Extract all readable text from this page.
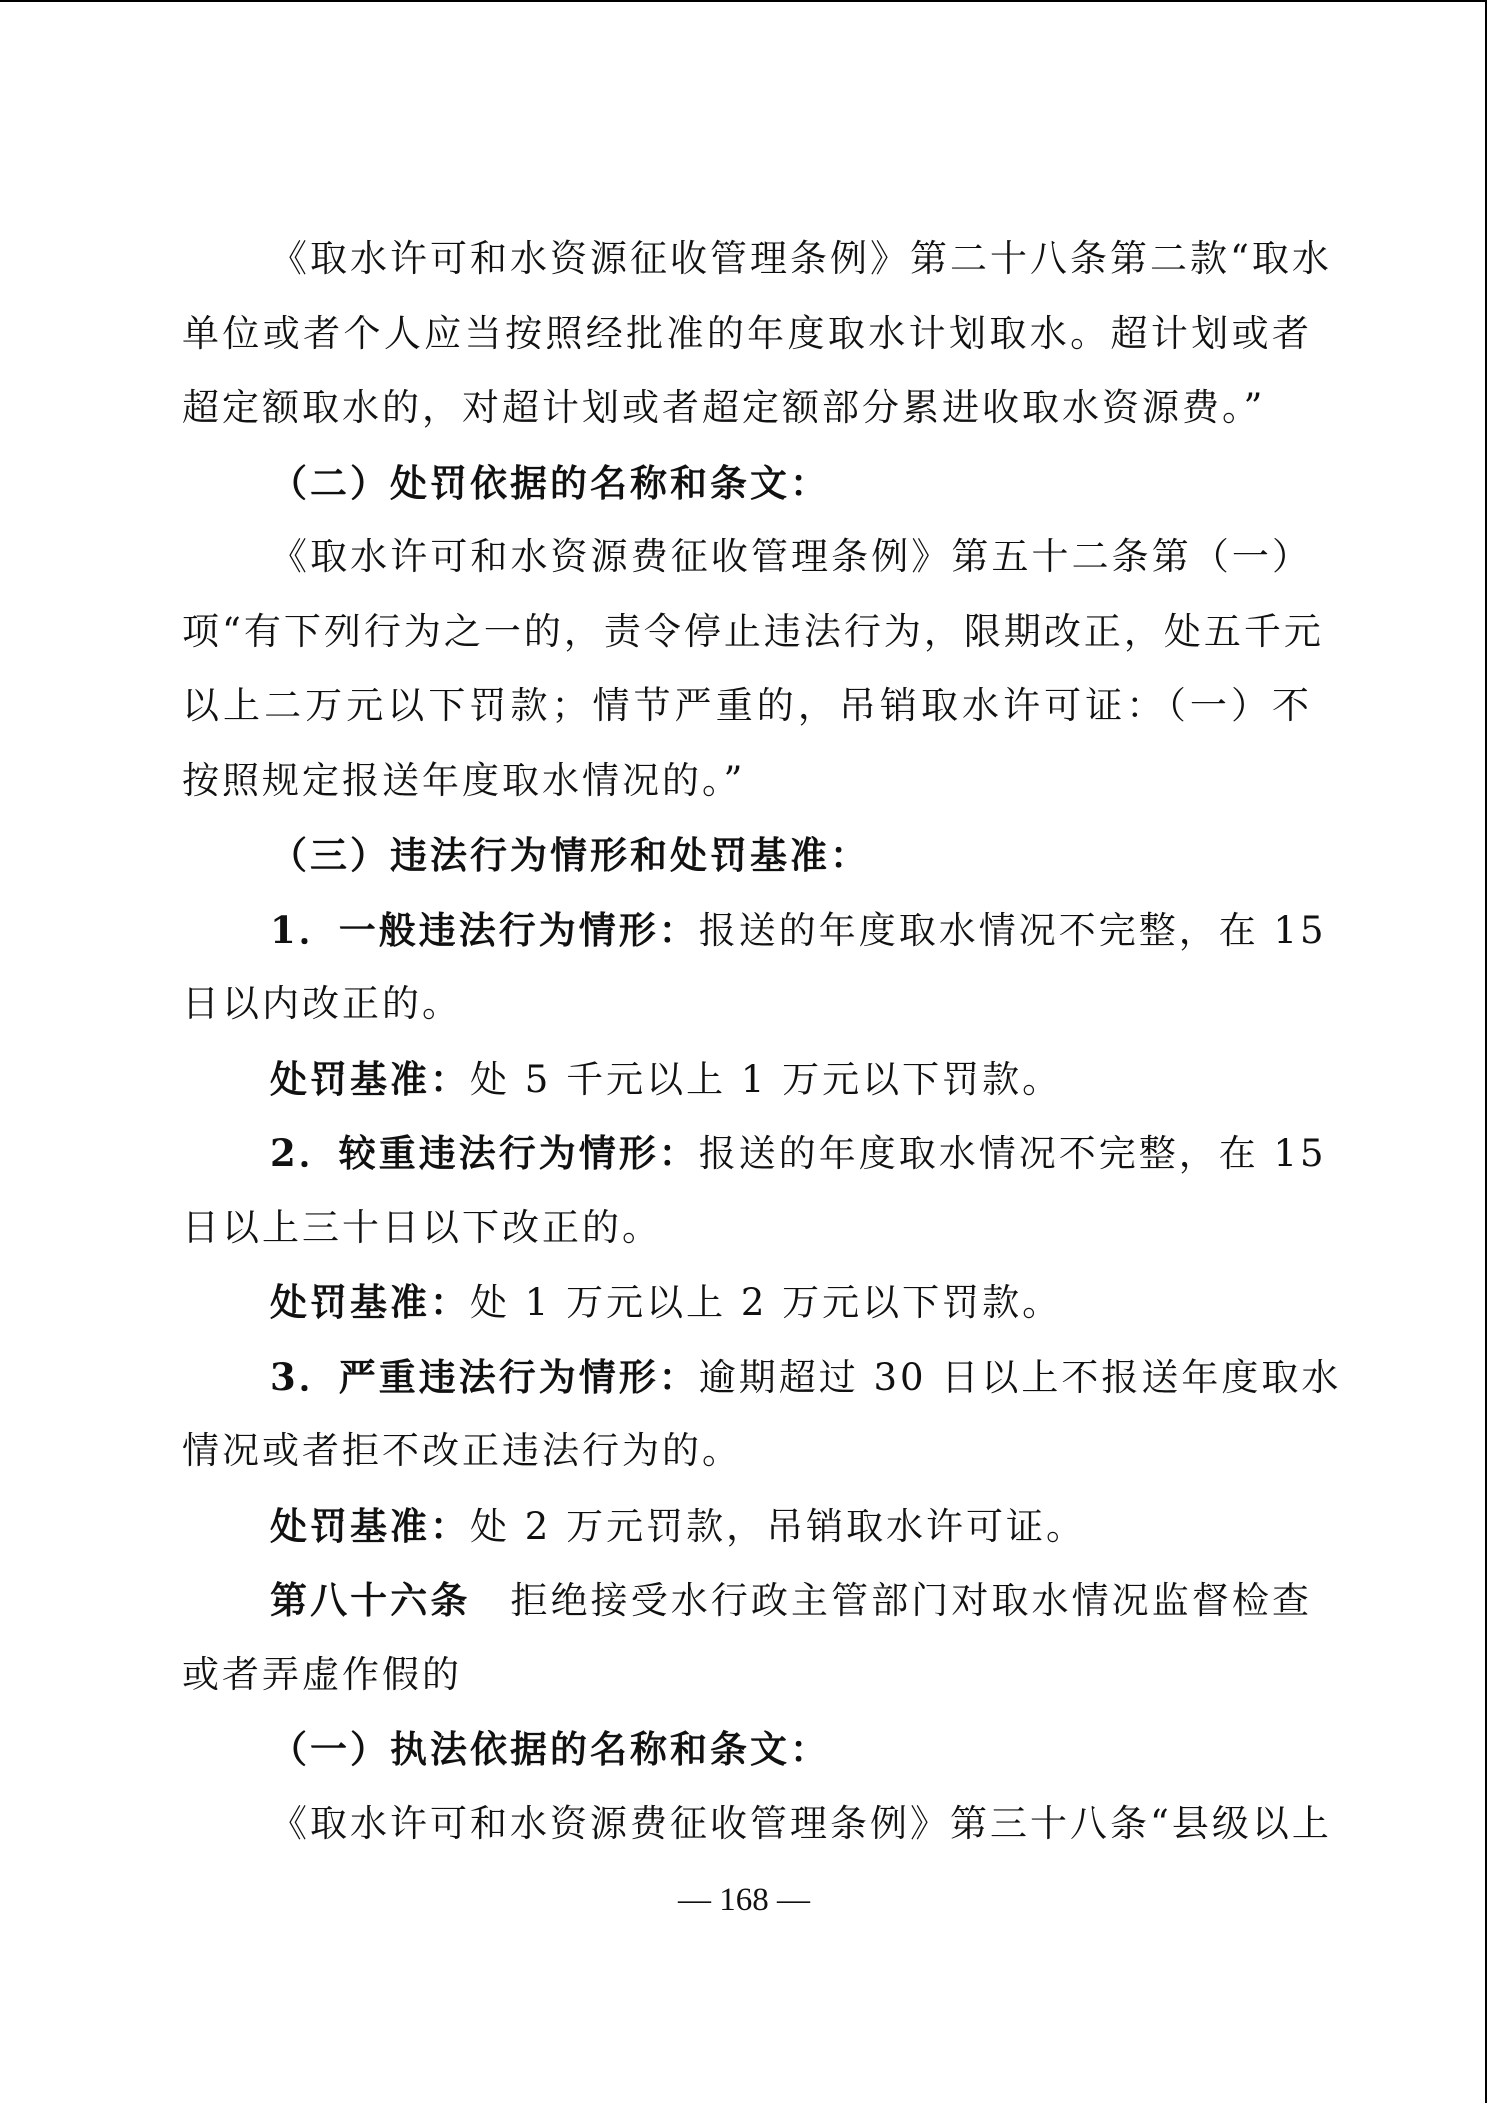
《取水许可和水资源征收管理条例》第二十八条第二款“取水
单位或者个人应当按照经批准的年度取水计划取水。超计划或者
超定额取水的，对超计划或者超定额部分累进收取水资源费。”
（二）处罚依据的名称和条文：
《取水许可和水资源费征收管理条例》第五十二条第（一）
项“有下列行为之一的，责令停止违法行为，限期改正，处五千元
以上二万元以下罚款；情节严重的，吊销取水许可证：（一）不
按照规定报送年度取水情况的。”
（三）违法行为情形和处罚基准：
1．一般违法行为情形：报送的年度取水情况不完整，在 15
日以内改正的。
处罚基准：处 5 千元以上 1 万元以下罚款。
2．较重违法行为情形：报送的年度取水情况不完整，在 15
日以上三十日以下改正的。
处罚基准：处 1 万元以上 2 万元以下罚款。
3．严重违法行为情形：逾期超过 30 日以上不报送年度取水
情况或者拒不改正违法行为的。
处罚基准：处 2 万元罚款，吊销取水许可证。
第八十六条 拒绝接受水行政主管部门对取水情况监督检查
或者弄虚作假的
（一）执法依据的名称和条文：
《取水许可和水资源费征收管理条例》第三十八条“县级以上
— 168 —
